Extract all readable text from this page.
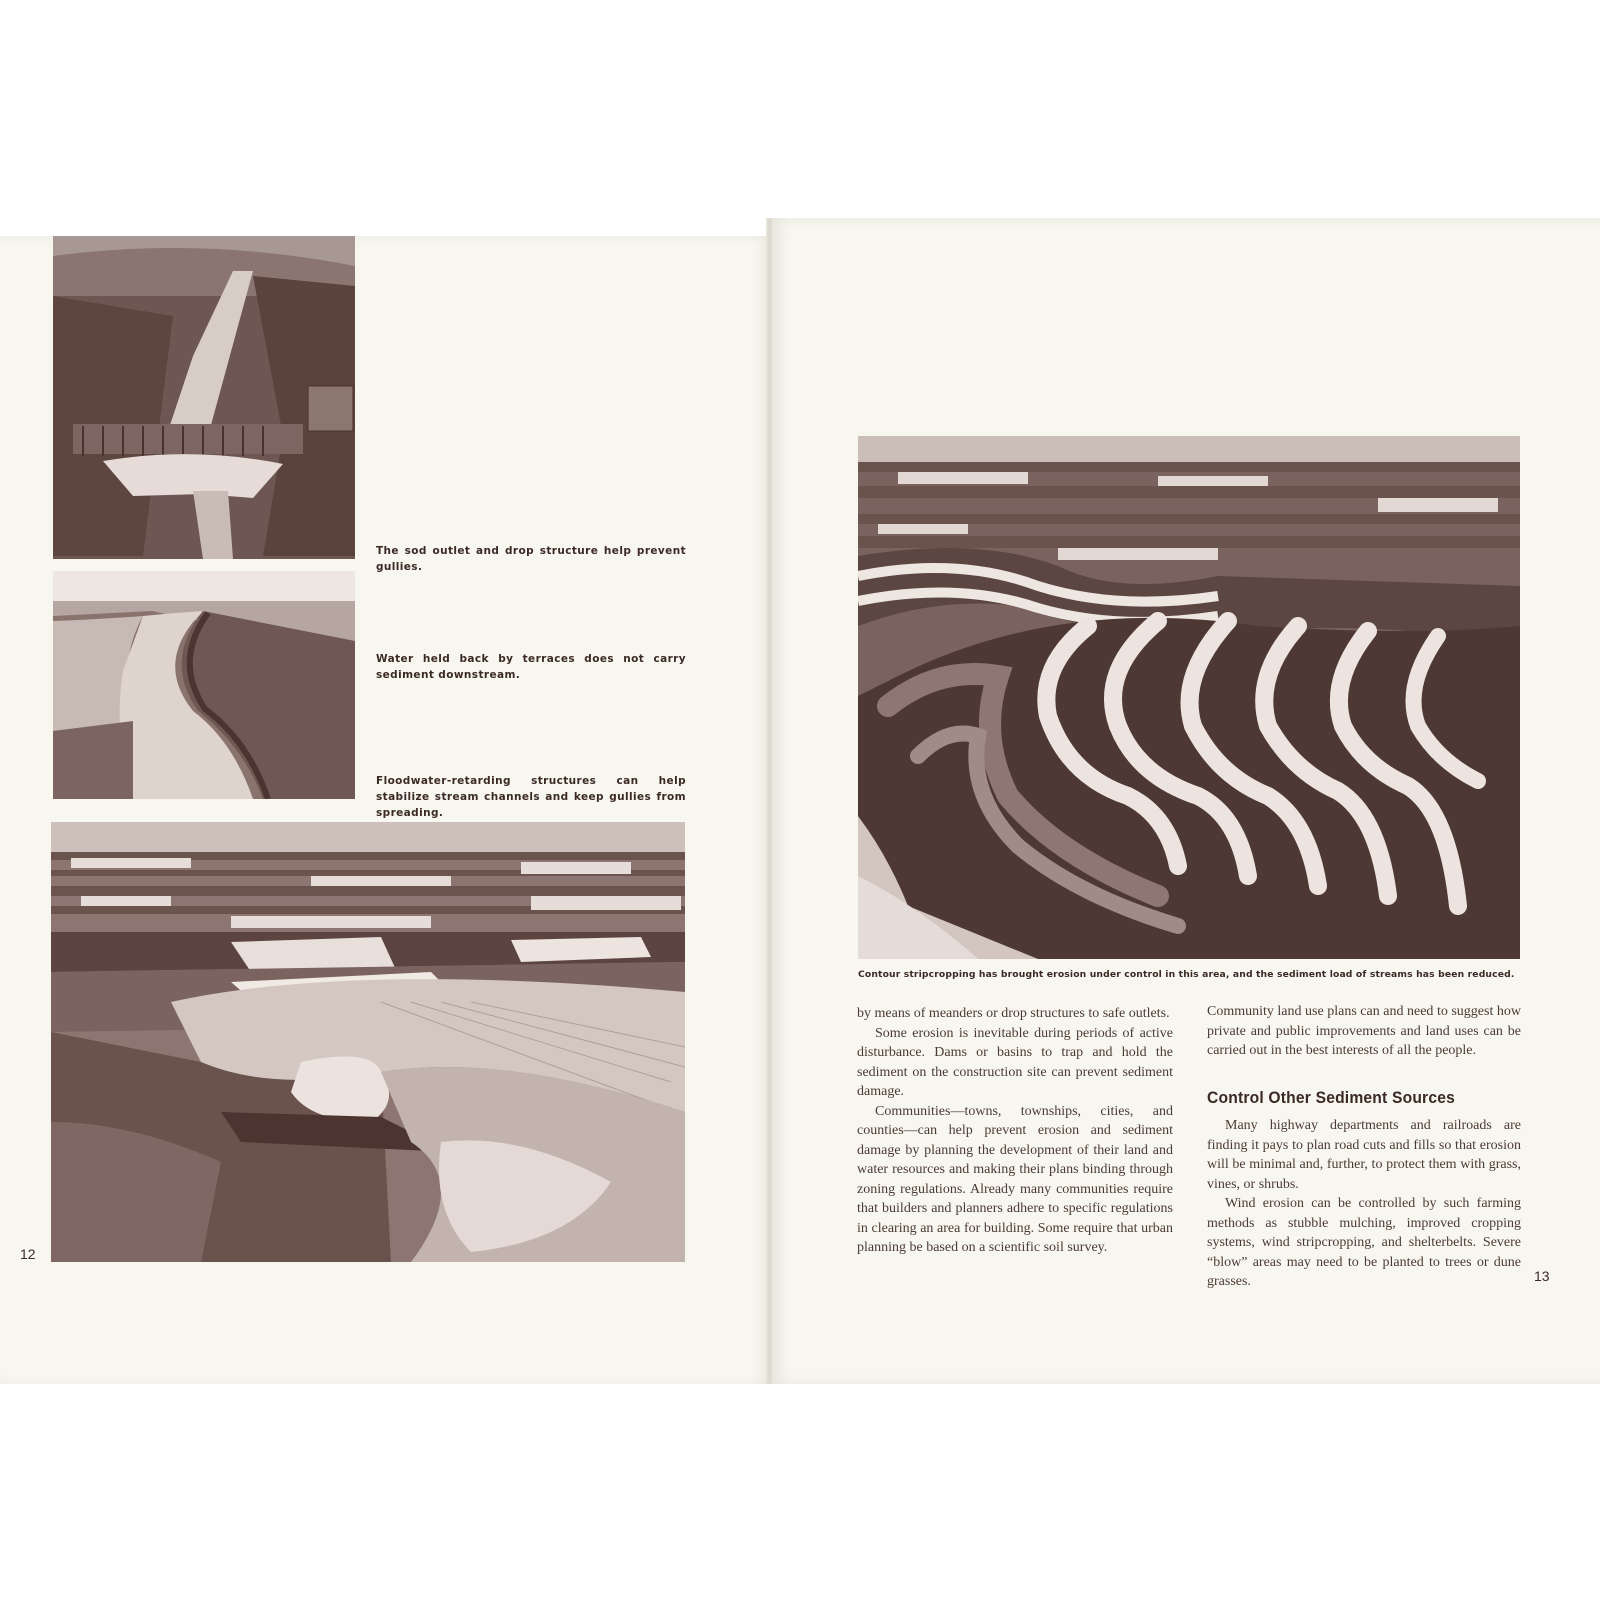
The sod outlet and drop structure help prevent gullies.
Water held back by terraces does not carry sediment downstream.
Floodwater-retarding structures can help stabilize stream channels and keep gullies from spreading.
12
Contour stripcropping has brought erosion under control in this area, and the sediment load of streams has been reduced.

by means of meanders or drop structures to safe outlets.

Some erosion is inevitable during periods of active disturbance. Dams or basins to trap and hold the sediment on the construction site can prevent sediment damage.

Communities—towns, townships, cities, and counties—can help prevent erosion and sediment damage by planning the development of their land and water resources and making their plans binding through zoning regulations. Already many communities require that builders and planners adhere to specific regulations in clearing an area for building. Some require that urban planning be based on a scientific soil survey.

Community land use plans can and need to suggest how private and public improvements and land uses can be carried out in the best interests of all the people.

Control Other Sediment Sources

Many highway departments and railroads are finding it pays to plan road cuts and fills so that erosion will be minimal and, further, to protect them with grass, vines, or shrubs.

Wind erosion can be controlled by such farming methods as stubble mulching, improved cropping systems, wind stripcropping, and shelterbelts. Severe “blow” areas may need to be planted to trees or dune grasses.	13
